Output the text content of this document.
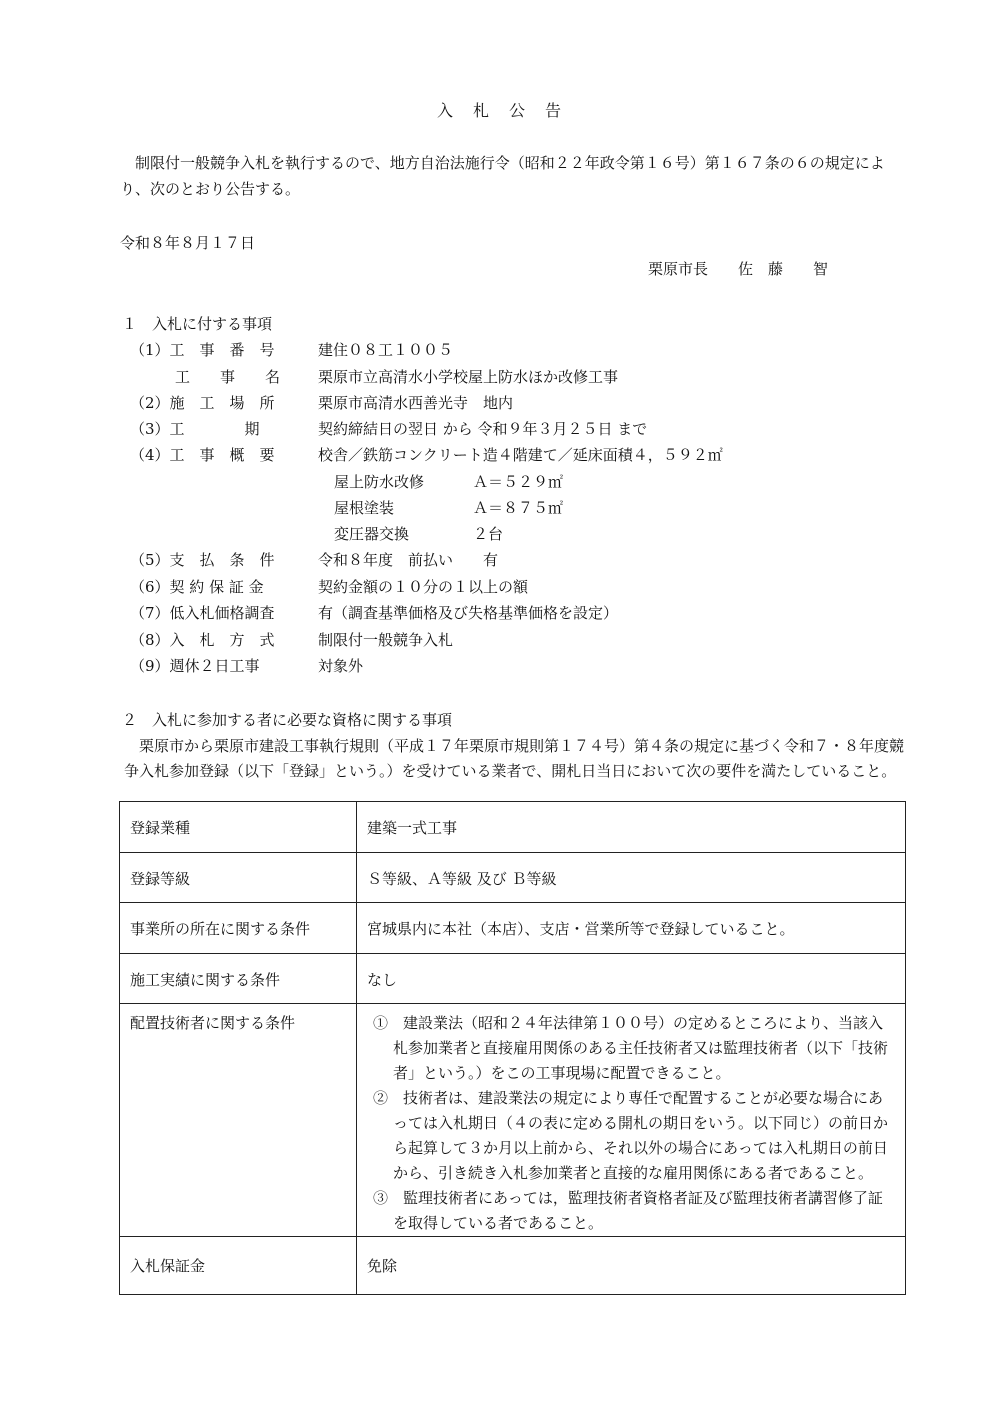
入　札　公　告
　制限付一般競争入札を執行するので、地方自治法施行令（昭和２２年政令第１６号）第１６７条の６の規定により、次のとおり公告する。
令和８年８月１７日
栗原市長　　佐　藤　　智
１　入札に付する事項
（1）工　事　番　号	建住０８工１００５
　　　工　　事　　名	栗原市立高清水小学校屋上防水ほか改修工事
（2）施　工　場　所	栗原市高清水西善光寺　地内
（3）工　　　　期	契約締結日の翌日 から 令和９年３月２５日 まで
（4）工　事　概　要	校舎／鉄筋コンクリート造４階建て／延床面積４，５９２㎡
屋上防水改修	Ａ＝５２９㎡
屋根塗装	Ａ＝８７５㎡
変圧器交換	２台
（5）支　払　条　件	令和８年度　前払い　　有
（6）契 約 保 証 金	契約金額の１０分の１以上の額
（7）低入札価格調査	有（調査基準価格及び失格基準価格を設定）
（8）入　札　方　式	制限付一般競争入札
（9）週休２日工事	対象外
２　入札に参加する者に必要な資格に関する事項
　栗原市から栗原市建設工事執行規則（平成１７年栗原市規則第１７４号）第４条の規定に基づく令和７・８年度競争入札参加登録（以下「登録」という。）を受けている業者で、開札日当日において次の要件を満たしていること。
登録業種	建築一式工事
登録等級	Ｓ等級、Ａ等級 及び Ｂ等級
事業所の所在に関する条件	宮城県内に本社（本店）、支店・営業所等で登録していること。
施工実績に関する条件	なし
配置技術者に関する条件	①　建設業法（昭和２４年法律第１００号）の定めるところにより、当該入札参加業者と直接雇用関係のある主任技術者又は監理技術者（以下「技術者」という。）をこの工事現場に配置できること。
②　技術者は、建設業法の規定により専任で配置することが必要な場合にあっては入札期日（４の表に定める開札の期日をいう。以下同じ）の前日から起算して３か月以上前から、それ以外の場合にあっては入札期日の前日から、引き続き入札参加業者と直接的な雇用関係にある者であること。
③　監理技術者にあっては，監理技術者資格者証及び監理技術者講習修了証を取得している者であること。

入札保証金	免除
